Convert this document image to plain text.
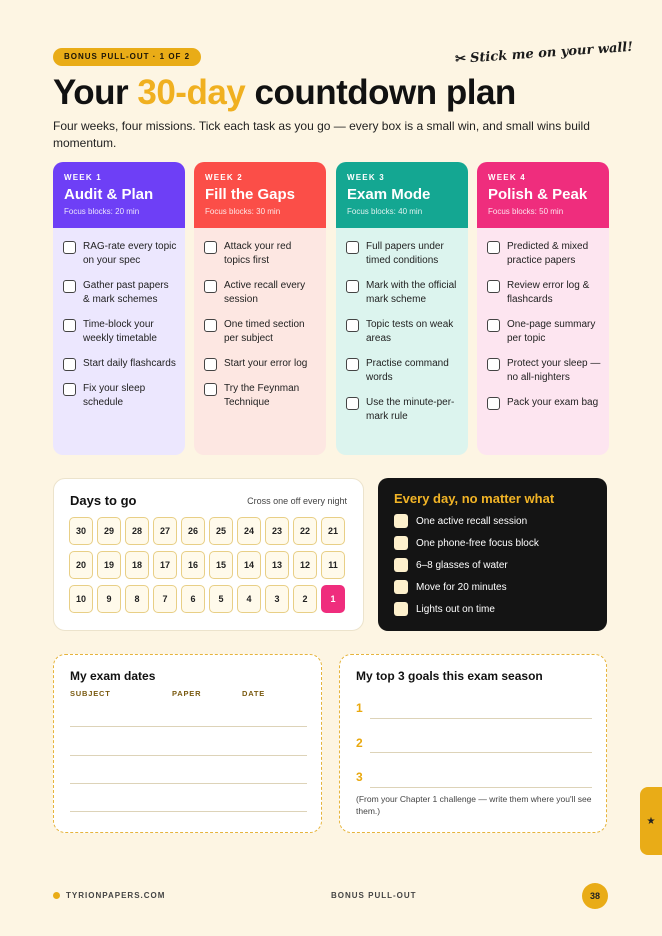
BONUS PULL-OUT · 1 OF 2	✂ Stick me on your wall!
Your 30-day countdown plan

Four weeks, four missions. Tick each task as you go — every box is a small win, and small wins build momentum.

WEEK 1
Audit & Plan
Focus blocks: 20 min
RAG-rate every topic on your spec
Gather past papers & mark schemes
Time-block your weekly timetable
Start daily flashcards
Fix your sleep schedule
WEEK 2
Fill the Gaps
Focus blocks: 30 min
Attack your red topics first
Active recall every session
One timed section per subject
Start your error log
Try the Feynman Technique
WEEK 3
Exam Mode
Focus blocks: 40 min
Full papers under timed conditions
Mark with the official mark scheme
Topic tests on weak areas
Practise command words
Use the minute-per-mark rule
WEEK 4
Polish & Peak
Focus blocks: 50 min
Predicted & mixed practice papers
Review error log & flashcards
One-page summary per topic
Protect your sleep — no all-nighters
Pack your exam bag
Days to go	Cross one off every night
30	29	28	27	26	25	24	23	22	21
20	19	18	17	16	15	14	13	12	11
10	9	8	7	6	5	4	3	2	1
Every day, no matter what
One active recall session
One phone-free focus block
6–8 glasses of water
Move for 20 minutes
Lights out on time
My exam dates
SUBJECT	PAPER	DATE
My top 3 goals this exam season
1
2
3
(From your Chapter 1 challenge — write them where you'll see them.)
★
TYRIONPAPERS.COM	BONUS PULL-OUT	38
